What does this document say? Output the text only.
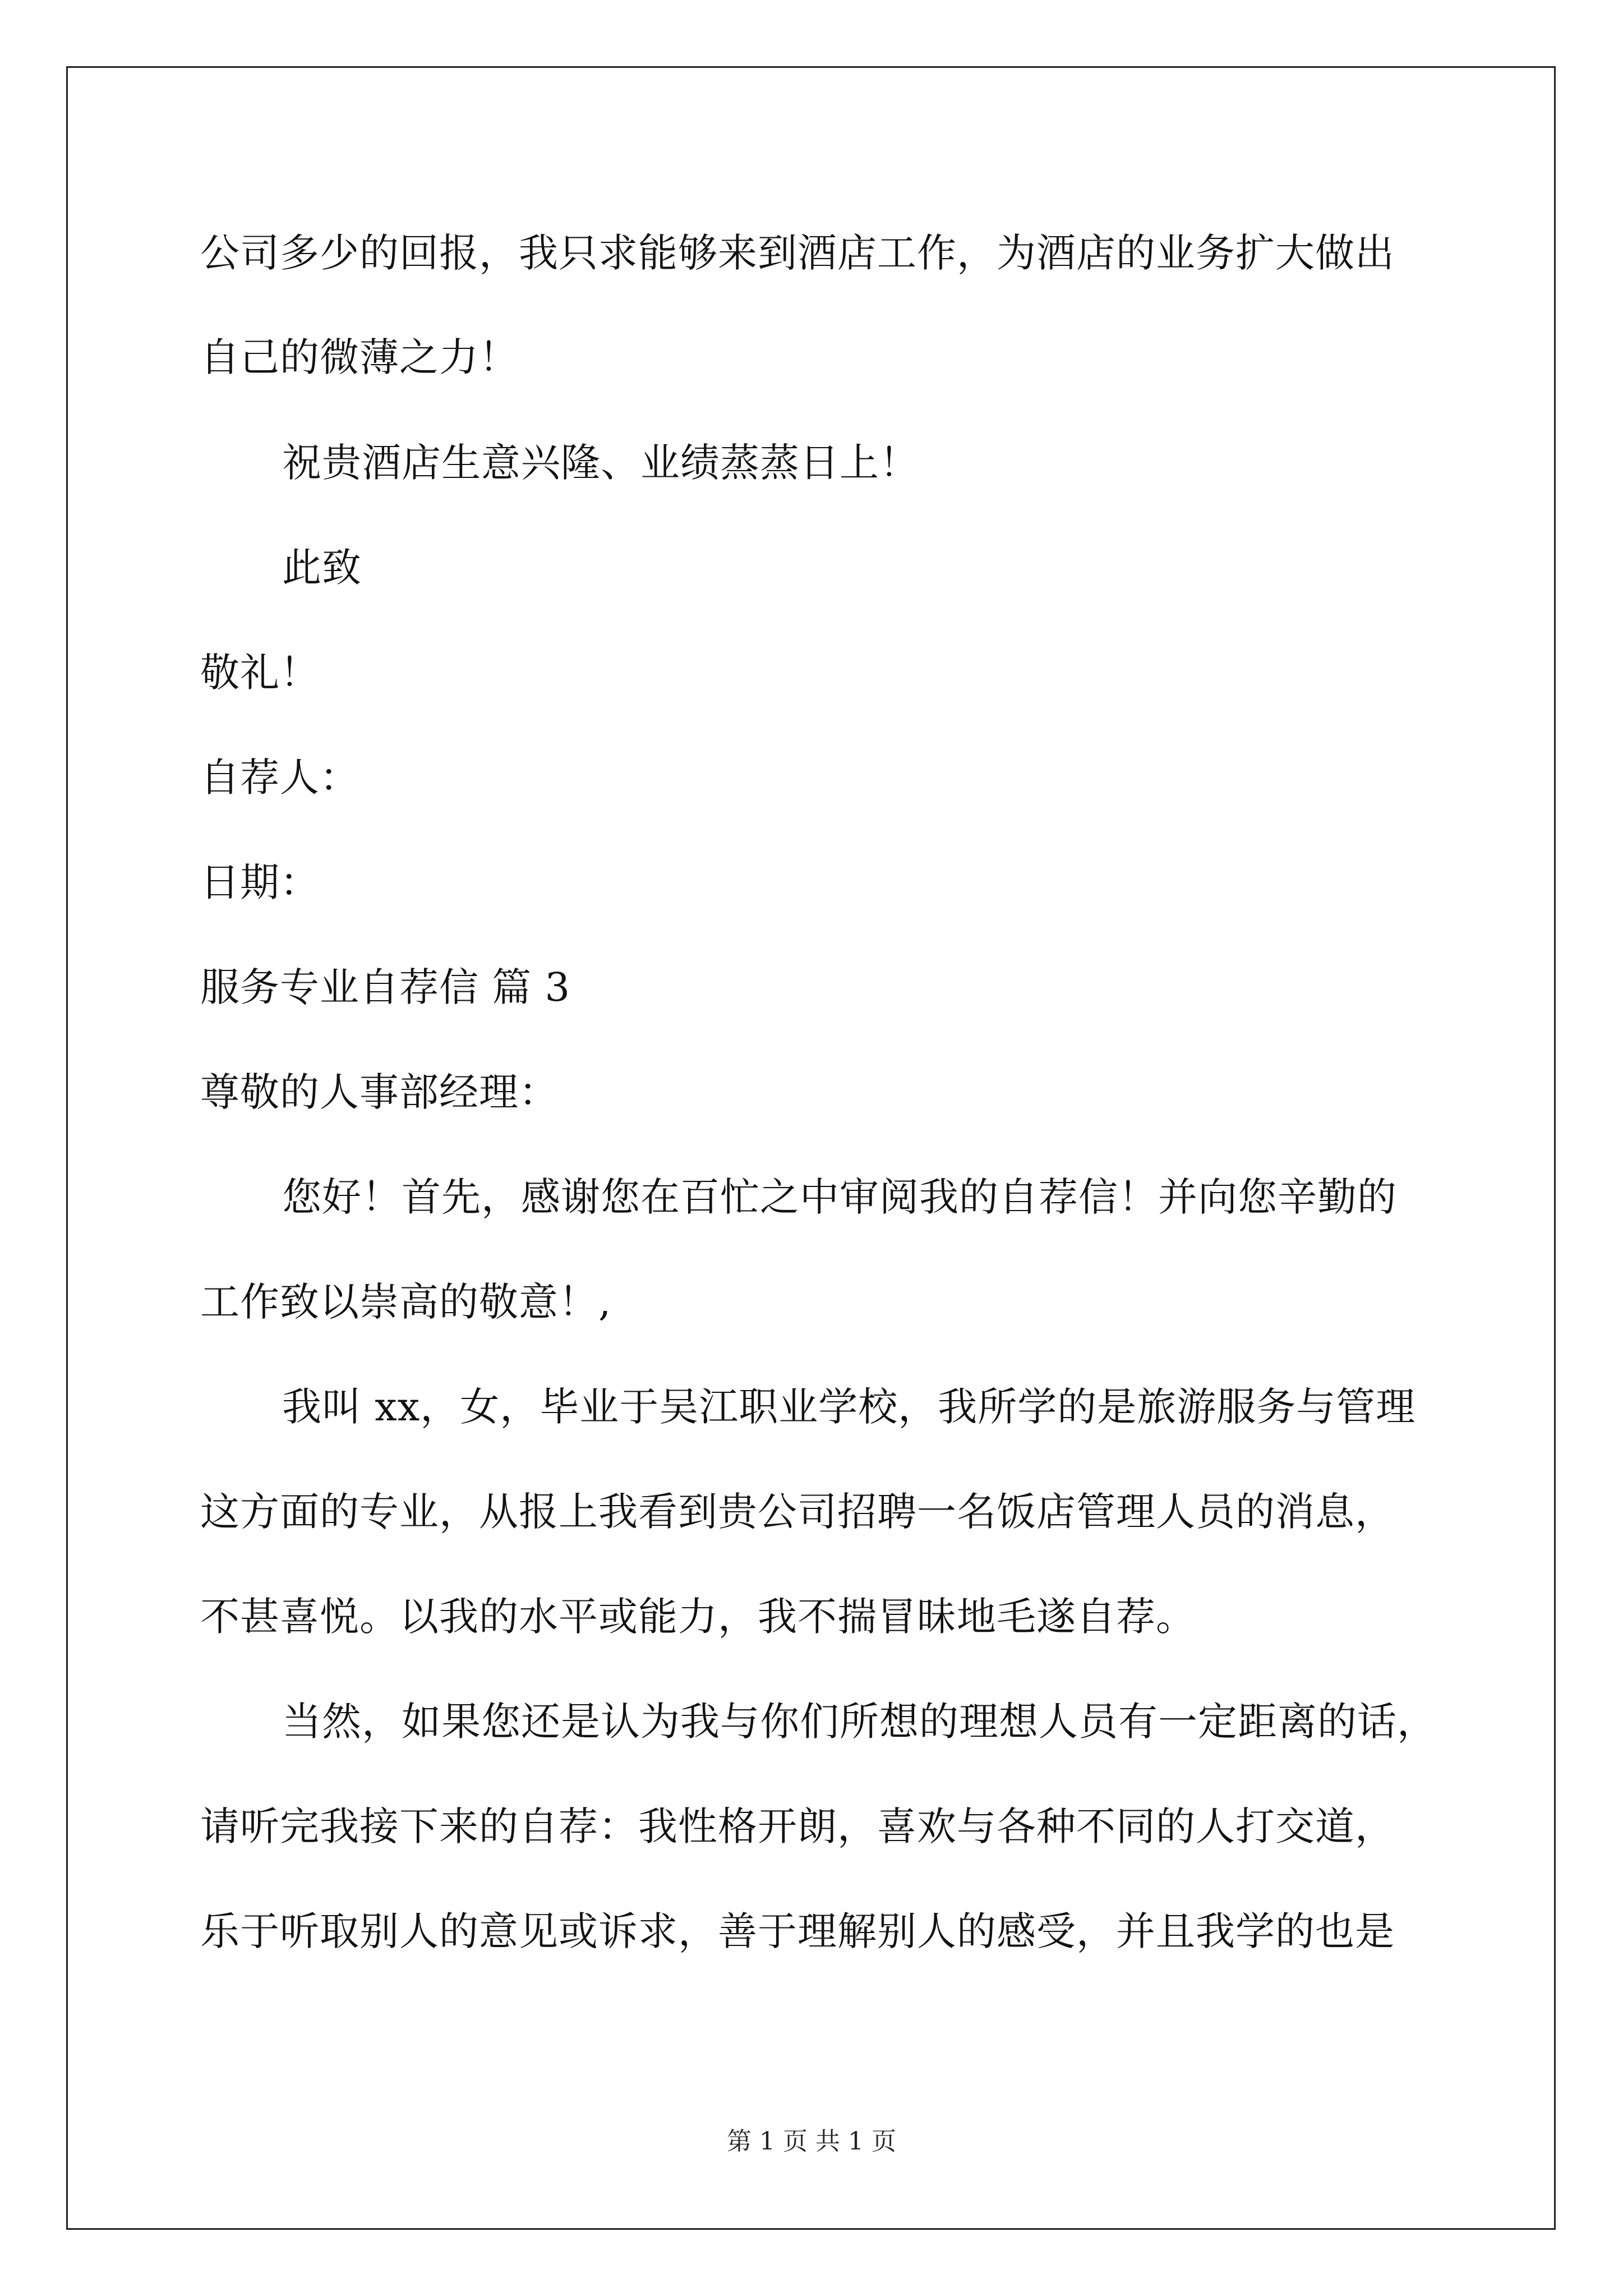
公司多少的回报，我只求能够来到酒店工作，为酒店的业务扩大做出
自己的微薄之力！
祝贵酒店生意兴隆、业绩蒸蒸日上！
此致
敬礼！
自荐人：
日期：
服务专业自荐信 篇 3
尊敬的人事部经理：
您好！首先，感谢您在百忙之中审阅我的自荐信！并向您辛勤的
工作致以崇高的敬意！,
我叫 xx，女，毕业于吴江职业学校，我所学的是旅游服务与管理
这方面的专业，从报上我看到贵公司招聘一名饭店管理人员的消息，
不甚喜悦。以我的水平或能力，我不揣冒昧地毛遂自荐。
当然，如果您还是认为我与你们所想的理想人员有一定距离的话，
请听完我接下来的自荐：我性格开朗，喜欢与各种不同的人打交道，
乐于听取别人的意见或诉求，善于理解别人的感受，并且我学的也是
第 1 页 共 1 页
